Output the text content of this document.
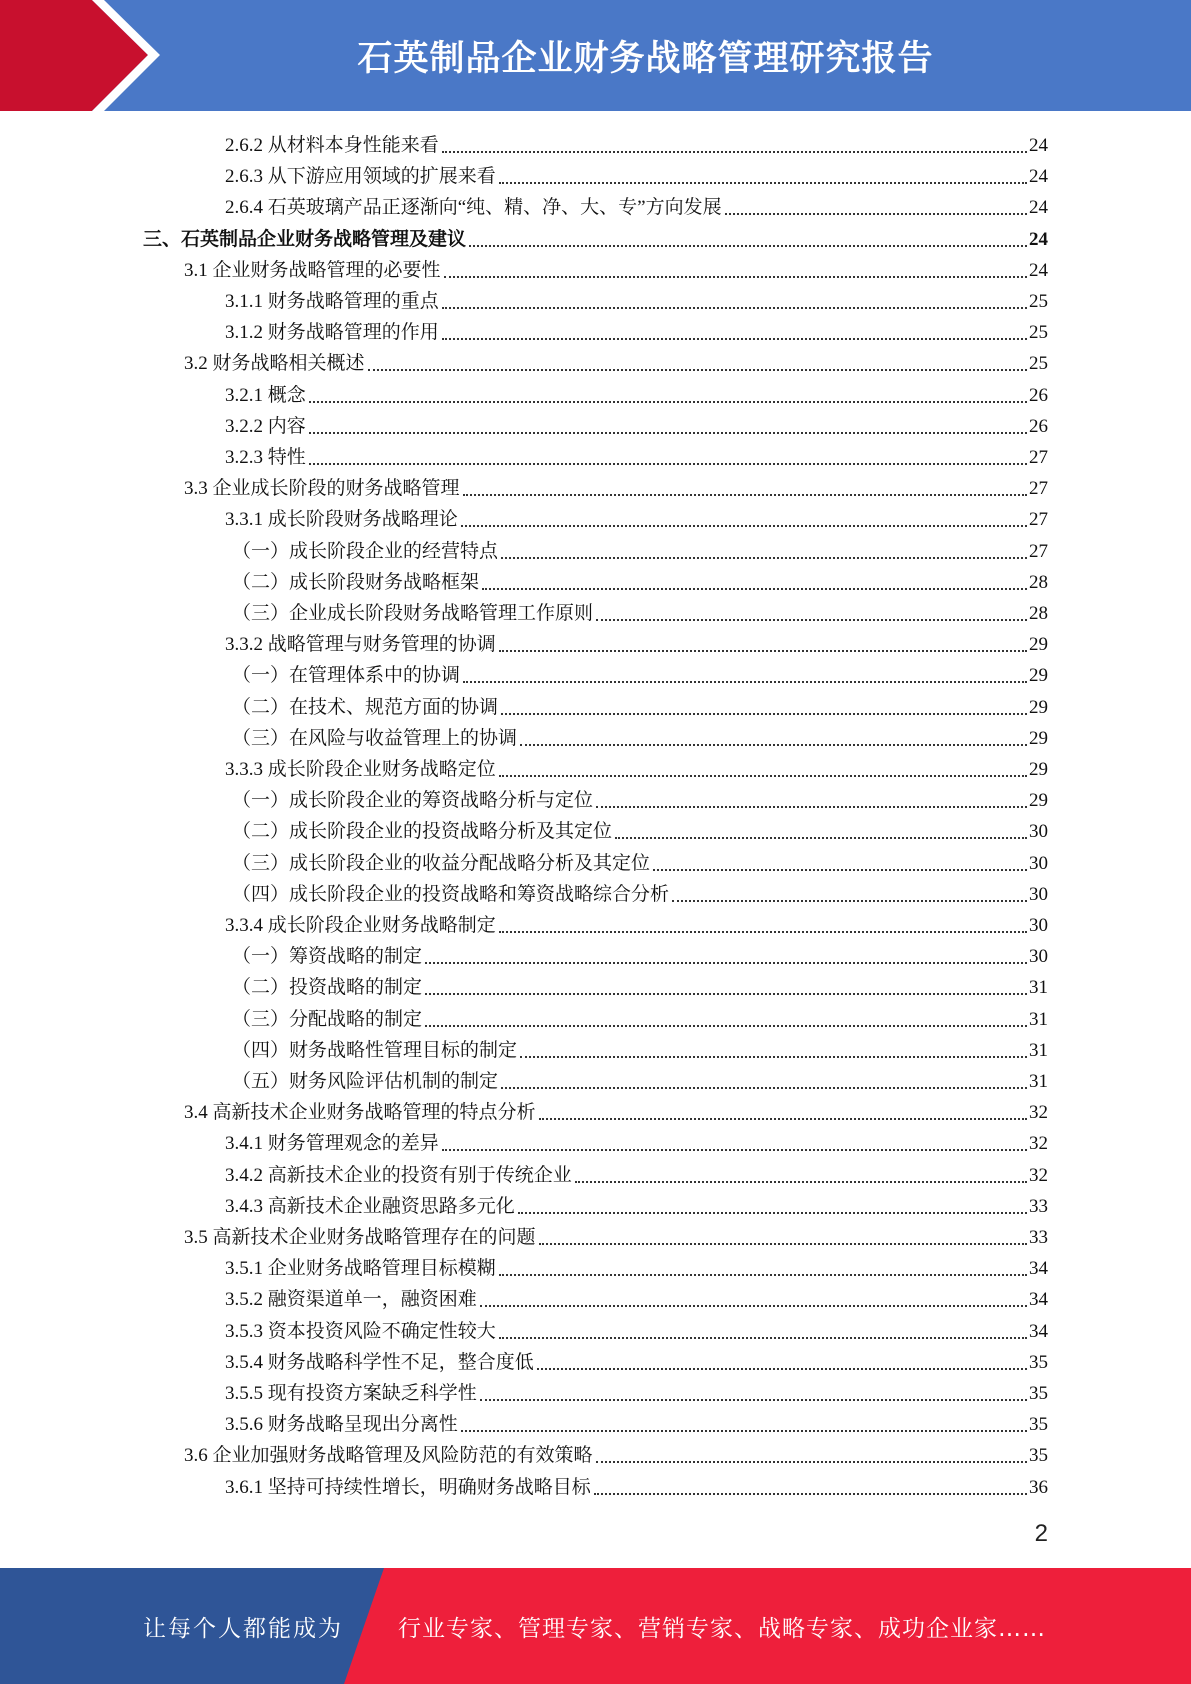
石英制品企业财务战略管理研究报告
2.6.2 从材料本身性能来看	24
2.6.3 从下游应用领域的扩展来看	24
2.6.4 石英玻璃产品正逐渐向“纯、精、净、大、专”方向发展	24
三、石英制品企业财务战略管理及建议	24
3.1 企业财务战略管理的必要性	24
3.1.1 财务战略管理的重点	25
3.1.2 财务战略管理的作用	25
3.2 财务战略相关概述	25
3.2.1 概念	26
3.2.2 内容	26
3.2.3 特性	27
3.3 企业成长阶段的财务战略管理	27
3.3.1 成长阶段财务战略理论	27
（一）成长阶段企业的经营特点	27
（二）成长阶段财务战略框架	28
（三）企业成长阶段财务战略管理工作原则	28
3.3.2 战略管理与财务管理的协调	29
（一）在管理体系中的协调	29
（二）在技术、规范方面的协调	29
（三）在风险与收益管理上的协调	29
3.3.3 成长阶段企业财务战略定位	29
（一）成长阶段企业的筹资战略分析与定位	29
（二）成长阶段企业的投资战略分析及其定位	30
（三）成长阶段企业的收益分配战略分析及其定位	30
（四）成长阶段企业的投资战略和筹资战略综合分析	30
3.3.4 成长阶段企业财务战略制定	30
（一）筹资战略的制定	30
（二）投资战略的制定	31
（三）分配战略的制定	31
（四）财务战略性管理目标的制定	31
（五）财务风险评估机制的制定	31
3.4 高新技术企业财务战略管理的特点分析	32
3.4.1 财务管理观念的差异	32
3.4.2 高新技术企业的投资有别于传统企业	32
3.4.3 高新技术企业融资思路多元化	33
3.5 高新技术企业财务战略管理存在的问题	33
3.5.1 企业财务战略管理目标模糊	34
3.5.2 融资渠道单一，融资困难	34
3.5.3 资本投资风险不确定性较大	34
3.5.4 财务战略科学性不足，整合度低	35
3.5.5 现有投资方案缺乏科学性	35
3.5.6 财务战略呈现出分离性	35
3.6 企业加强财务战略管理及风险防范的有效策略	35
3.6.1 坚持可持续性增长，明确财务战略目标	36
2
让每个人都能成为 行业专家、管理专家、营销专家、战略专家、成功企业家……
